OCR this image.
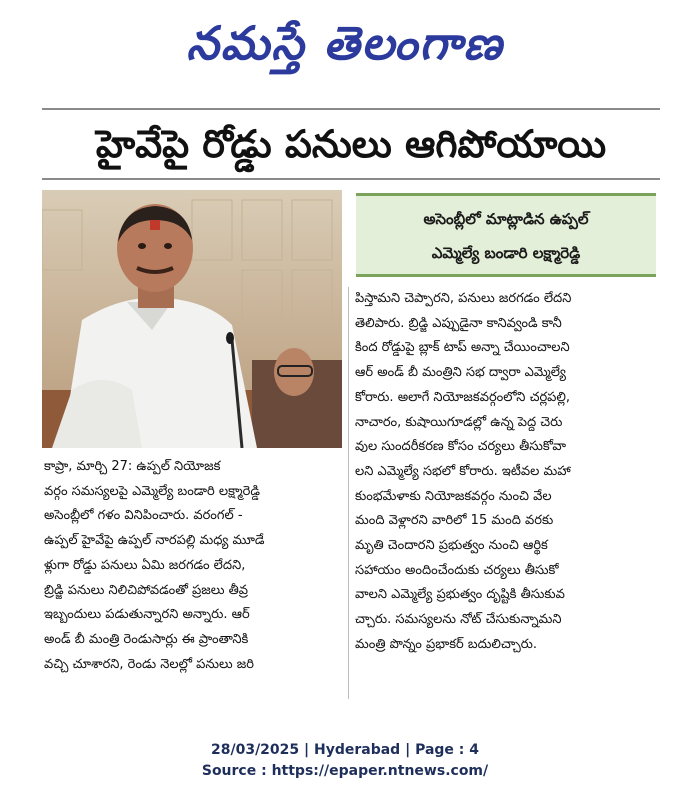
నమస్తే తెలంగాణ
హైవేపై రోడ్డు పనులు ఆగిపోయాయి
అసెంబ్లీలో మాట్లాడిన ఉప్పల్
ఎమ్మెల్యే బండారి లక్ష్మారెడ్డి
కాప్రా, మార్చి 27: ఉప్పల్ నియోజక
వర్గం సమస్యలపై ఎమ్మెల్యే బండారి లక్ష్మారెడ్డి
అసెంబ్లీలో గళం వినిపించారు. వరంగల్ -
ఉప్పల్ హైవేపై ఉప్పల్ నారపల్లి మధ్య మూడే
ళ్లుగా రోడ్డు పనులు ఏమి జరగడం లేదని,
బ్రిడ్జి పనులు నిలిచిపోవడంతో ప్రజలు తీవ్ర
ఇబ్బందులు పడుతున్నారని అన్నారు. ఆర్
అండ్ బీ మంత్రి రెండుసార్లు ఈ ప్రాంతానికి
వచ్చి చూశారని, రెండు నెలల్లో పనులు జరి
పిస్తామని చెప్పారని, పనులు జరగడం లేదని
తెలిపారు. బ్రిడ్జి ఎప్పుడైనా కానివ్వండి కానీ
కింద రోడ్డుపై బ్లాక్ టాప్ అన్నా చేయించాలని
ఆర్ అండ్ బీ మంత్రిని సభ ద్వారా ఎమ్మెల్యే
కోరారు. అలాగే నియోజకవర్గంలోని చర్లపల్లి,
నాచారం, కుషాయిగూడల్లో ఉన్న పెద్ద చెరు
వుల సుందరీకరణ కోసం చర్యలు తీసుకోవా
లని ఎమ్మెల్యే సభలో కోరారు. ఇటీవల మహా
కుంభమేళాకు నియోజకవర్గం నుంచి వేల
మంది వెళ్లారని వారిలో 15 మంది వరకు
మృతి చెందారని ప్రభుత్వం నుంచి ఆర్థిక
సహాయం అందించేందుకు చర్యలు తీసుకో
వాలని ఎమ్మెల్యే ప్రభుత్వం దృష్టికి తీసుకువ
చ్చారు. సమస్యలను నోట్ చేసుకున్నామని
మంత్రి పొన్నం ప్రభాకర్ బదులిచ్చారు.
28/03/2025 | Hyderabad | Page : 4
Source : https://epaper.ntnews.com/
